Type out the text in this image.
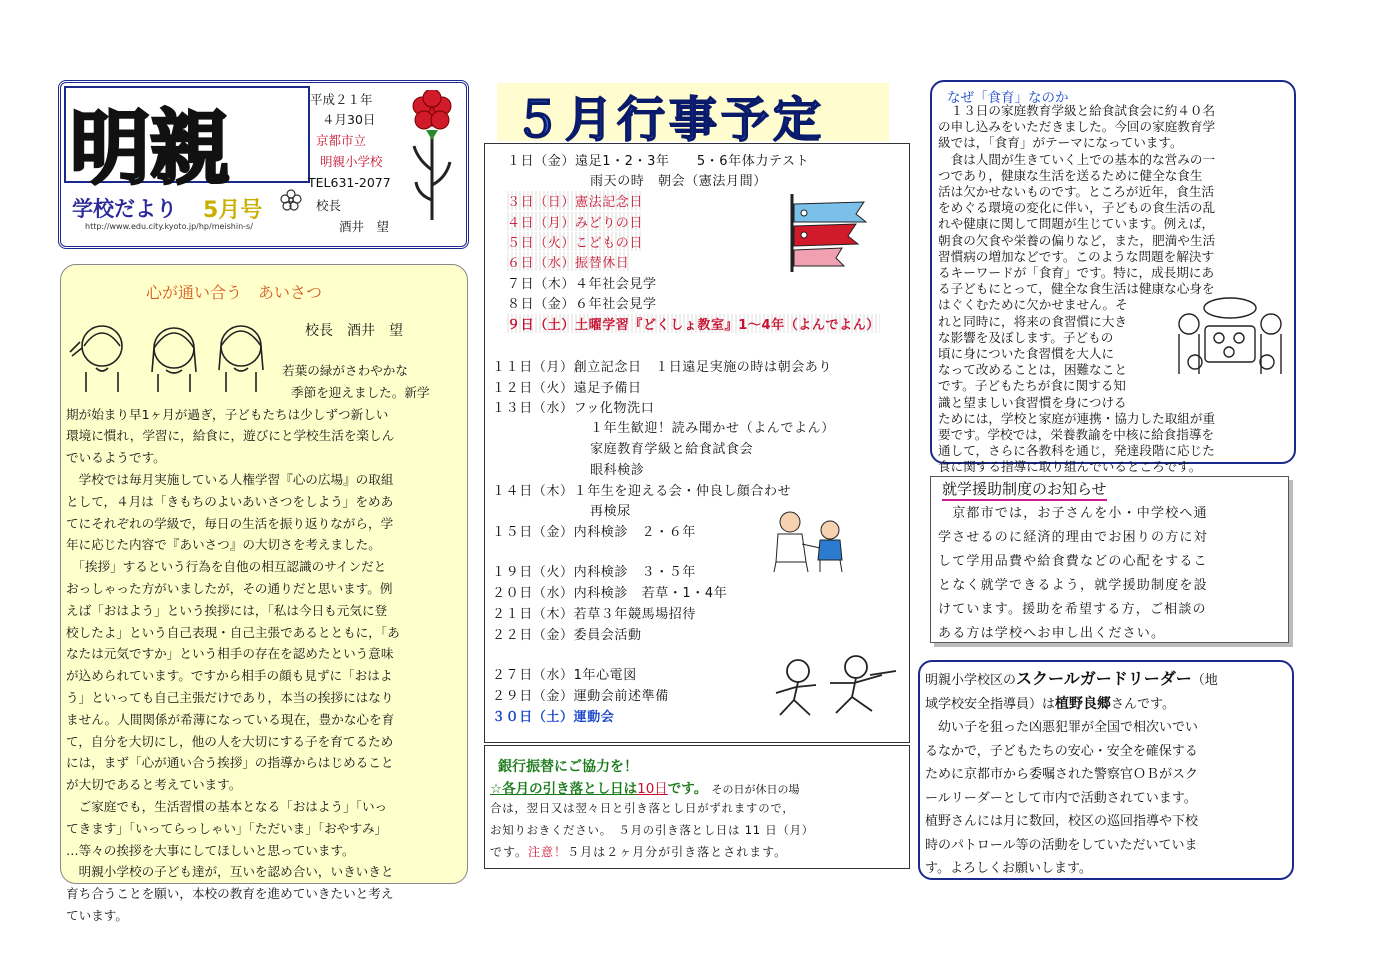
明親
学校だより 5月号
http://www.edu.city.kyoto.jp/hp/meishin-s/
平成２１年
４月30日
京都市立
明親小学校
TEL631-2077
校長
酒井　望
心が通い合う　あいさつ
校長　酒井　望
若葉の緑がさわやかな
季節を迎えました。新学
期が始まり早1ヶ月が過ぎ，子どもたちは少しずつ新しい
環境に慣れ，学習に，給食に，遊びにと学校生活を楽しん
でいるようです。
　学校では毎月実施している人権学習『心の広場』の取組
として，４月は「きもちのよいあいさつをしよう」をめあ
てにそれぞれの学級で，毎日の生活を振り返りながら，学
年に応じた内容で『あいさつ』の大切さを考えました。
　「挨拶」するという行為を自他の相互認識のサインだと
おっしゃった方がいましたが，その通りだと思います。例
えば「おはよう」という挨拶には，「私は今日も元気に登
校したよ」という自己表現・自己主張であるとともに，「あ
なたは元気ですか」という相手の存在を認めたという意味
が込められています。ですから相手の顔も見ずに「おはよ
う」といっても自己主張だけであり，本当の挨拶にはなり
ません。人間関係が希薄になっている現在，豊かな心を育
て，自分を大切にし，他の人を大切にする子を育てるため
には，まず「心が通い合う挨拶」の指導からはじめること
が大切であると考えています。
　ご家庭でも，生活習慣の基本となる「おはよう」「いっ
てきます」「いってらっしゃい」「ただいま」「おやすみ」
…等々の挨拶を大事にしてほしいと思っています。
　明親小学校の子ども達が，互いを認め合い，いきいきと
育ち合うことを願い，本校の教育を進めていきたいと考え
ています。
５月行事予定
１日（金）遠足1・2・3年　　5・6年体力テスト
雨天の時　朝会（憲法月間）
３日（日）憲法記念日
４日（月）みどりの日
５日（火）こどもの日
６日（水）振替休日
７日（木）４年社会見学
８日（金）６年社会見学
９日（土）土曜学習『どくしょ教室』1～4年（よんでよん）
１１日（月）創立記念日　１日遠足実施の時は朝会あり
１２日（火）遠足予備日
１３日（水）フッ化物洗口
１年生歓迎！読み聞かせ（よんでよん）
家庭教育学級と給食試食会
眼科検診
１４日（木）１年生を迎える会・仲良し顔合わせ
再検尿
１５日（金）内科検診　２・６年
１９日（火）内科検診　３・５年
２０日（水）内科検診　若草・1・4年
２１日（木）若草３年競馬場招待
２２日（金）委員会活動
２７日（水）1年心電図
２９日（金）運動会前述準備
３０日（土）運動会
銀行振替にご協力を！
☆各月の引き落とし日は10日です。 その日が休日の場
合は，翌日又は翌々日と引き落とし日がずれますので，
お知りおきください。　５月の引き落とし日は 11 日（月）
です。注意！５月は２ヶ月分が引き落とされます。
なぜ「食育」なのか
　１３日の家庭教育学級と給食試食会に約４０名
の申し込みをいただきました。今回の家庭教育学
級では，「食育」がテーマになっています。
　食は人間が生きていく上での基本的な営みの一
つであり，健康な生活を送るために健全な食生
活は欠かせないものです。ところが近年，食生活
をめぐる環境の変化に伴い，子どもの食生活の乱
れや健康に関して問題が生じています。例えば，
朝食の欠食や栄養の偏りなど，また，肥満や生活
習慣病の増加などです。このような問題を解決す
るキーワードが「食育」です。特に，成長期にあ
る子どもにとって，健全な食生活は健康な心身を
はぐくむために欠かせません。そ
れと同時に，将来の食習慣に大き
な影響を及ぼします。子どもの
頃に身についた食習慣を大人に
なって改めることは，困難なこと
です。子どもたちが食に関する知
識と望ましい食習慣を身につける
ためには，学校と家庭が連携・協力した取組が重
要です。学校では，栄養教諭を中核に給食指導を
通して，さらに各教科を通じ，発達段階に応じた
食に関する指導に取り組んでいるところです。
就学援助制度のお知らせ
　京都市では，お子さんを小・中学校へ通
学させるのに経済的理由でお困りの方に対
して学用品費や給食費などの心配をするこ
となく就学できるよう，就学援助制度を設
けています。援助を希望する方，ご相談の
ある方は学校へお申し出ください。
明親小学校区のスクールガードリーダー（地
域学校安全指導員）は植野良郷さんです。
　幼い子を狙った凶悪犯罪が全国で相次いでい
るなかで，子どもたちの安心・安全を確保する
ために京都市から委嘱された警察官ＯＢがスク
ールリーダーとして市内で活動されています。
植野さんには月に数回，校区の巡回指導や下校
時のパトロール等の活動をしていただいていま
す。よろしくお願いします。
